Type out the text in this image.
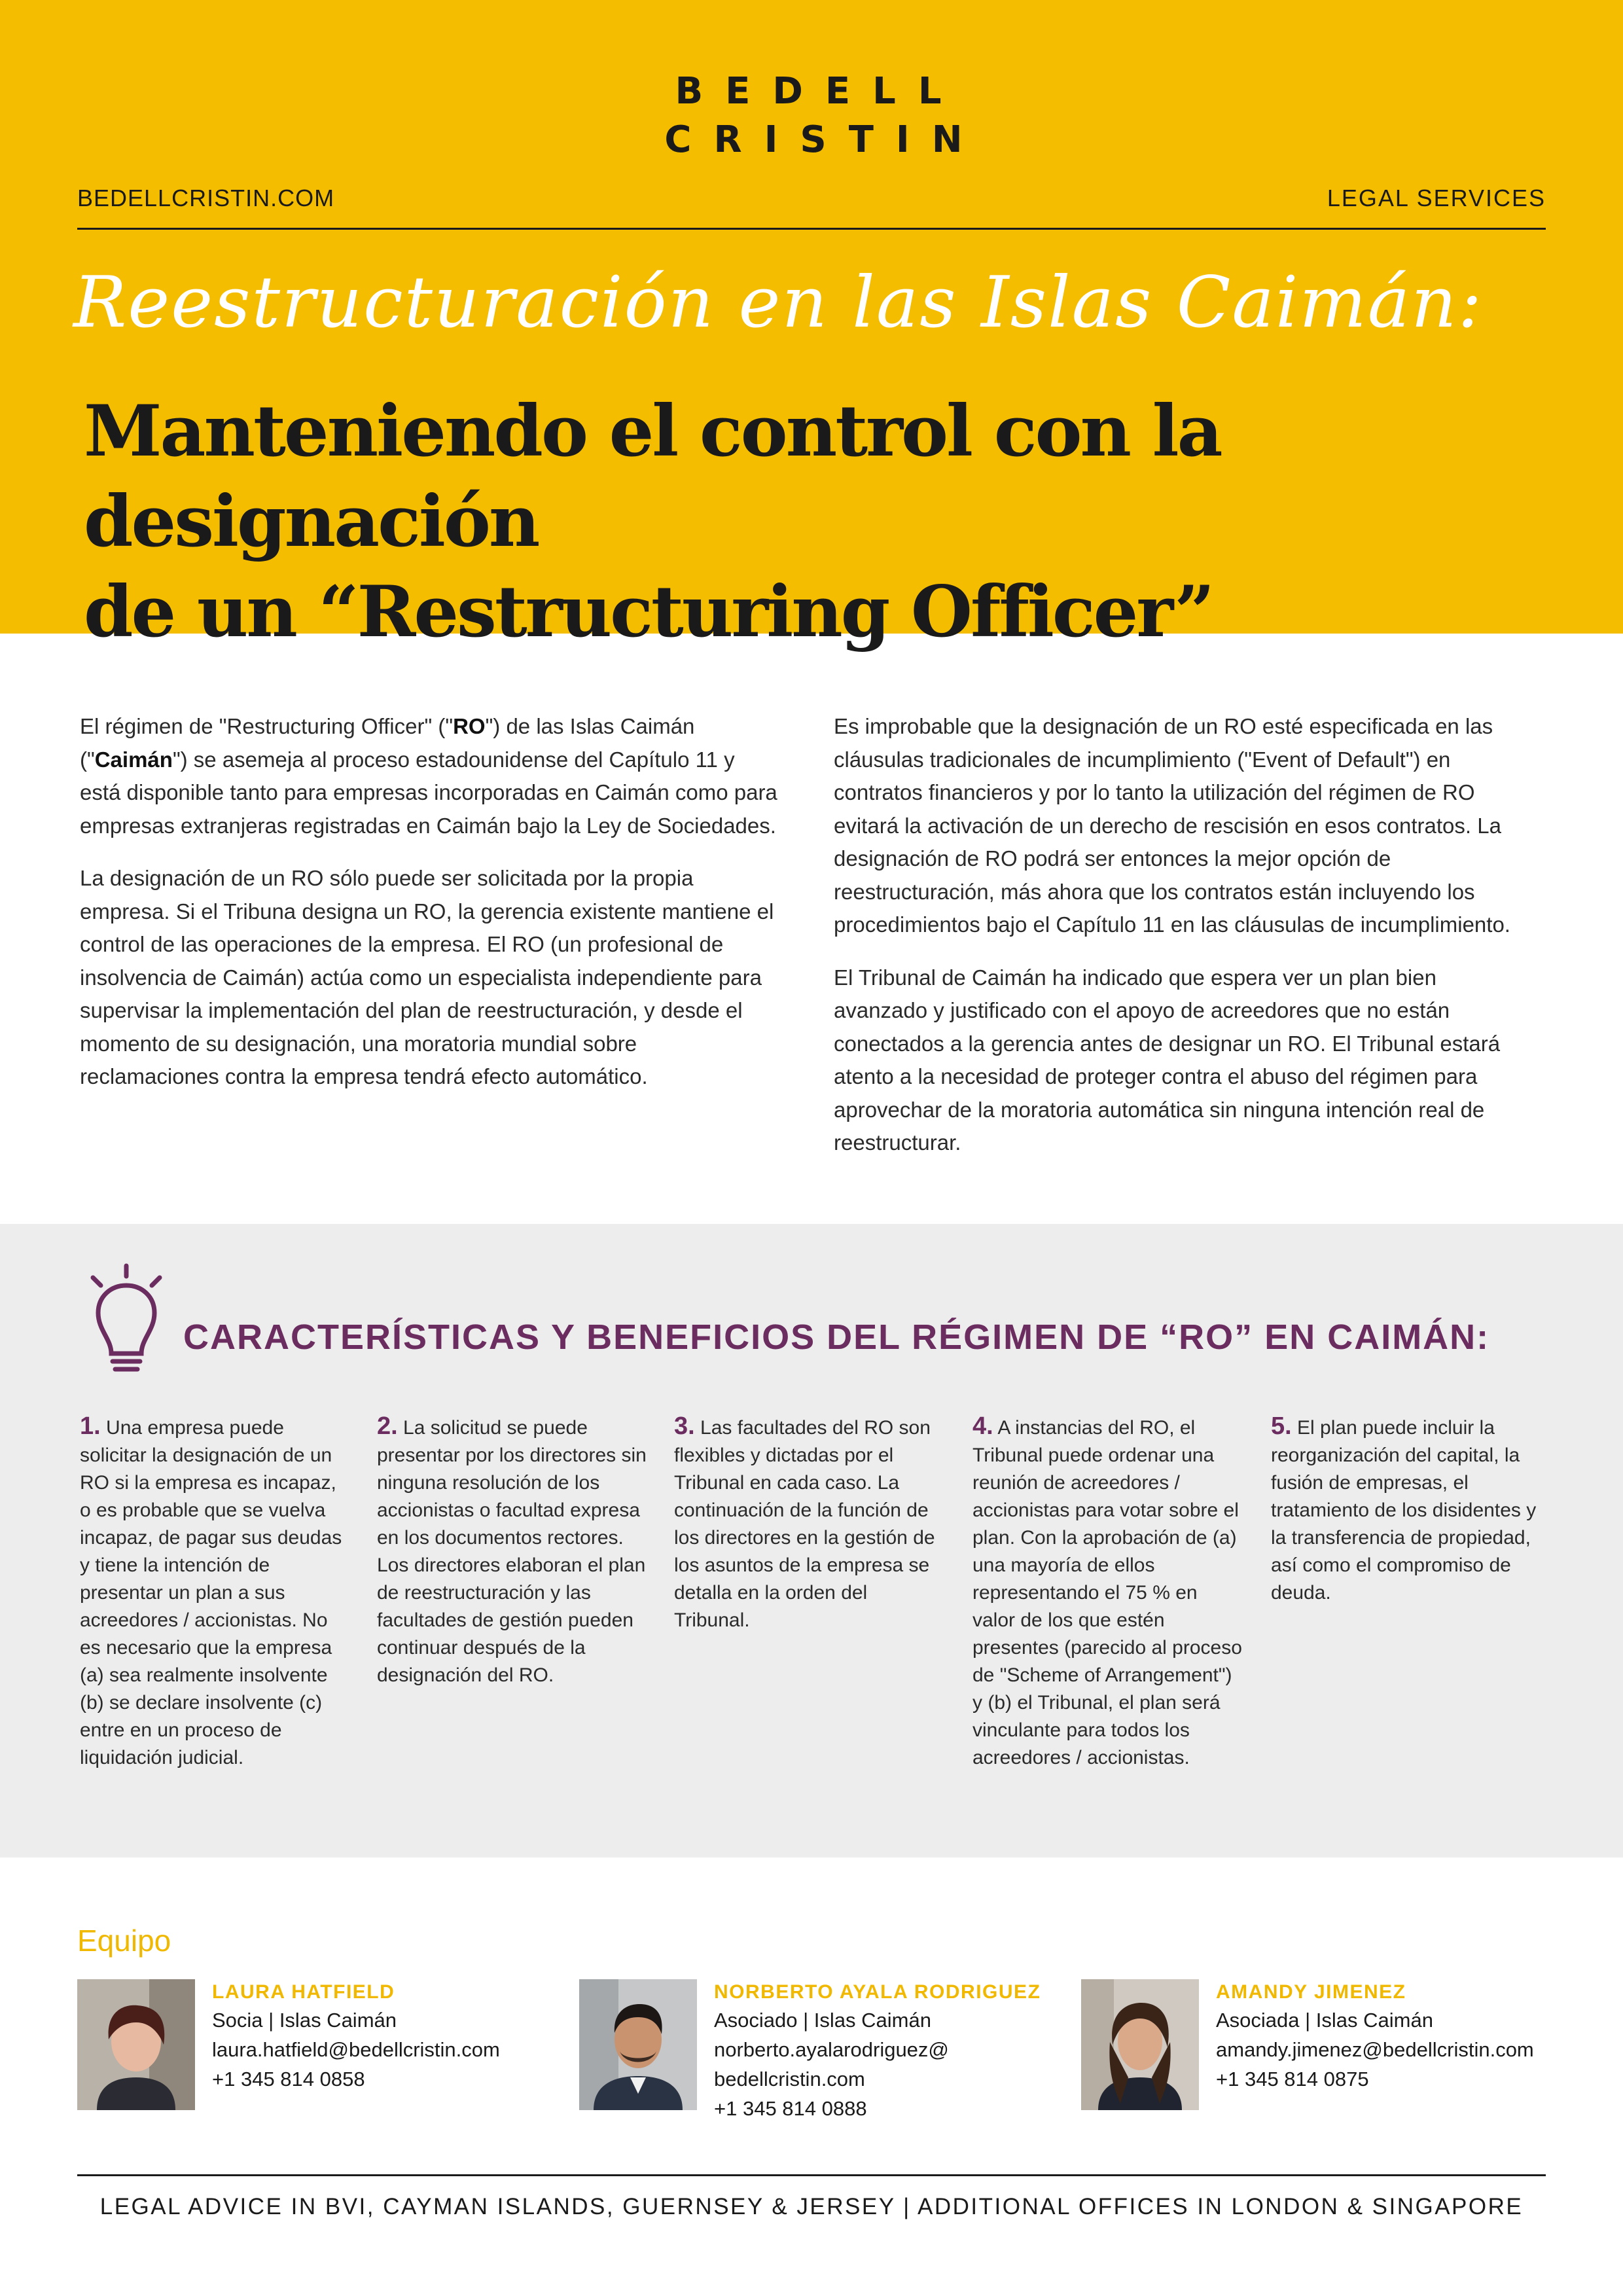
BEDELL
CRISTIN
BEDELLCRISTIN.COM	LEGAL SERVICES
Reestructuración en las Islas Caimán:
Manteniendo el control con la designación
de un “Restructuring Officer”

El régimen de "Restructuring Officer" ("RO") de las Islas Caimán ("Caimán") se asemeja al proceso estadounidense del Capítulo 11 y está disponible tanto para empresas incorporadas en Caimán como para empresas extranjeras registradas en Caimán bajo la Ley de Sociedades.

La designación de un RO sólo puede ser solicitada por la propia empresa. Si el Tribuna designa un RO, la gerencia existente mantiene el control de las operaciones de la empresa. El RO (un profesional de insolvencia de Caimán) actúa como un especialista independiente para supervisar la implementación del plan de reestructuración, y desde el momento de su designación, una moratoria mundial sobre reclamaciones contra la empresa tendrá efecto automático.

Es improbable que la designación de un RO esté especificada en las cláusulas tradicionales de incumplimiento ("Event of Default") en contratos financieros y por lo tanto la utilización del régimen de RO evitará la activación de un derecho de rescisión en esos contratos. La designación de RO podrá ser entonces la mejor opción de reestructuración, más ahora que los contratos están incluyendo los procedimientos bajo el Capítulo 11 en las cláusulas de incumplimiento.

El Tribunal de Caimán ha indicado que espera ver un plan bien avanzado y justificado con el apoyo de acreedores que no están conectados a la gerencia antes de designar un RO. El Tribunal estará atento a la necesidad de proteger contra el abuso del régimen para aprovechar de la moratoria automática sin ninguna intención real de reestructurar.

CARACTERÍSTICAS Y BENEFICIOS DEL RÉGIMEN DE “RO” EN CAIMÁN:
1. Una empresa puede solicitar la designación de un RO si la empresa es incapaz, o es probable que se vuelva incapaz, de pagar sus deudas y tiene la intención de presentar un plan a sus acreedores / accionistas. No es necesario que la empresa (a) sea realmente insolvente (b) se declare insolvente (c) entre en un proceso de liquidación judicial.
2. La solicitud se puede presentar por los directores sin ninguna resolución de los accionistas o facultad expresa en los documentos rectores. Los directores elaboran el plan de reestructuración y las facultades de gestión pueden continuar después de la designación del RO.
3. Las facultades del RO son flexibles y dictadas por el Tribunal en cada caso. La continuación de la función de los directores en la gestión de los asuntos de la empresa se detalla en la orden del Tribunal.
4. A instancias del RO, el Tribunal puede ordenar una reunión de acreedores / accionistas para votar sobre el plan. Con la aprobación de (a) una mayoría de ellos representando el 75 % en valor de los que estén presentes (parecido al proceso de "Scheme of Arrangement") y (b) el Tribunal, el plan será vinculante para todos los acreedores / accionistas.
5. El plan puede incluir la reorganización del capital, la fusión de empresas, el tratamiento de los disidentes y la transferencia de propiedad, así como el compromiso de deuda.
Equipo
LAURA HATFIELD
Socia | Islas Caimán
laura.hatfield@bedellcristin.com
+1 345 814 0858
NORBERTO AYALA RODRIGUEZ
Asociado | Islas Caimán
norberto.ayalarodriguez@
bedellcristin.com
+1 345 814 0888
AMANDY JIMENEZ
Asociada | Islas Caimán
amandy.jimenez@bedellcristin.com
+1 345 814 0875
LEGAL ADVICE IN BVI, CAYMAN ISLANDS, GUERNSEY & JERSEY | ADDITIONAL OFFICES IN LONDON & SINGAPORE
